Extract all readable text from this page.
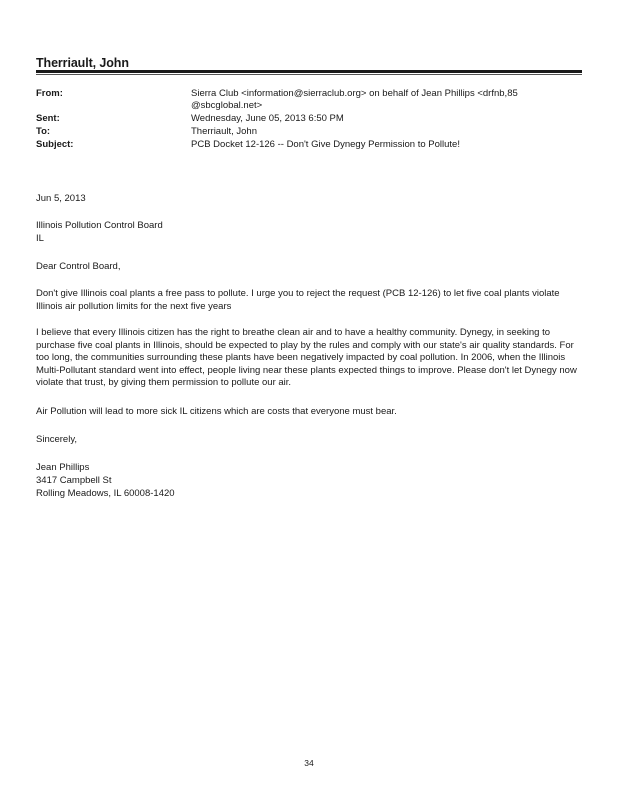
Therriault, John
From:	Sierra Club <information@sierraclub.org> on behalf of Jean Phillips <drfnb,85
@sbcglobal.net>
Sent:	Wednesday, June 05, 2013 6:50 PM
To:	Therriault, John
Subject:	PCB Docket 12-126 -- Don't Give Dynegy Permission to Pollute!
Jun 5, 2013
Illinois Pollution Control Board
IL
Dear Control Board,
Don't give Illinois coal plants a free pass to pollute. I urge you to reject the request (PCB 12-126) to let five coal plants violate Illinois air pollution limits for the next five years
I believe that every Illinois citizen has the right to breathe clean air and to have a healthy community. Dynegy, in seeking to purchase five coal plants in Illinois, should be expected to play by the rules and comply with our state's air quality standards. For too long, the communities surrounding these plants have been negatively impacted by coal pollution. In 2006, when the Illinois Multi-Pollutant standard went into effect, people living near these plants expected things to improve. Please don't let Dynegy now violate that trust, by giving them permission to pollute our air.
Air Pollution will lead to more sick IL citizens which are costs that everyone must bear.
Sincerely,
Jean Phillips
3417 Campbell St
Rolling Meadows, IL 60008-1420
34
